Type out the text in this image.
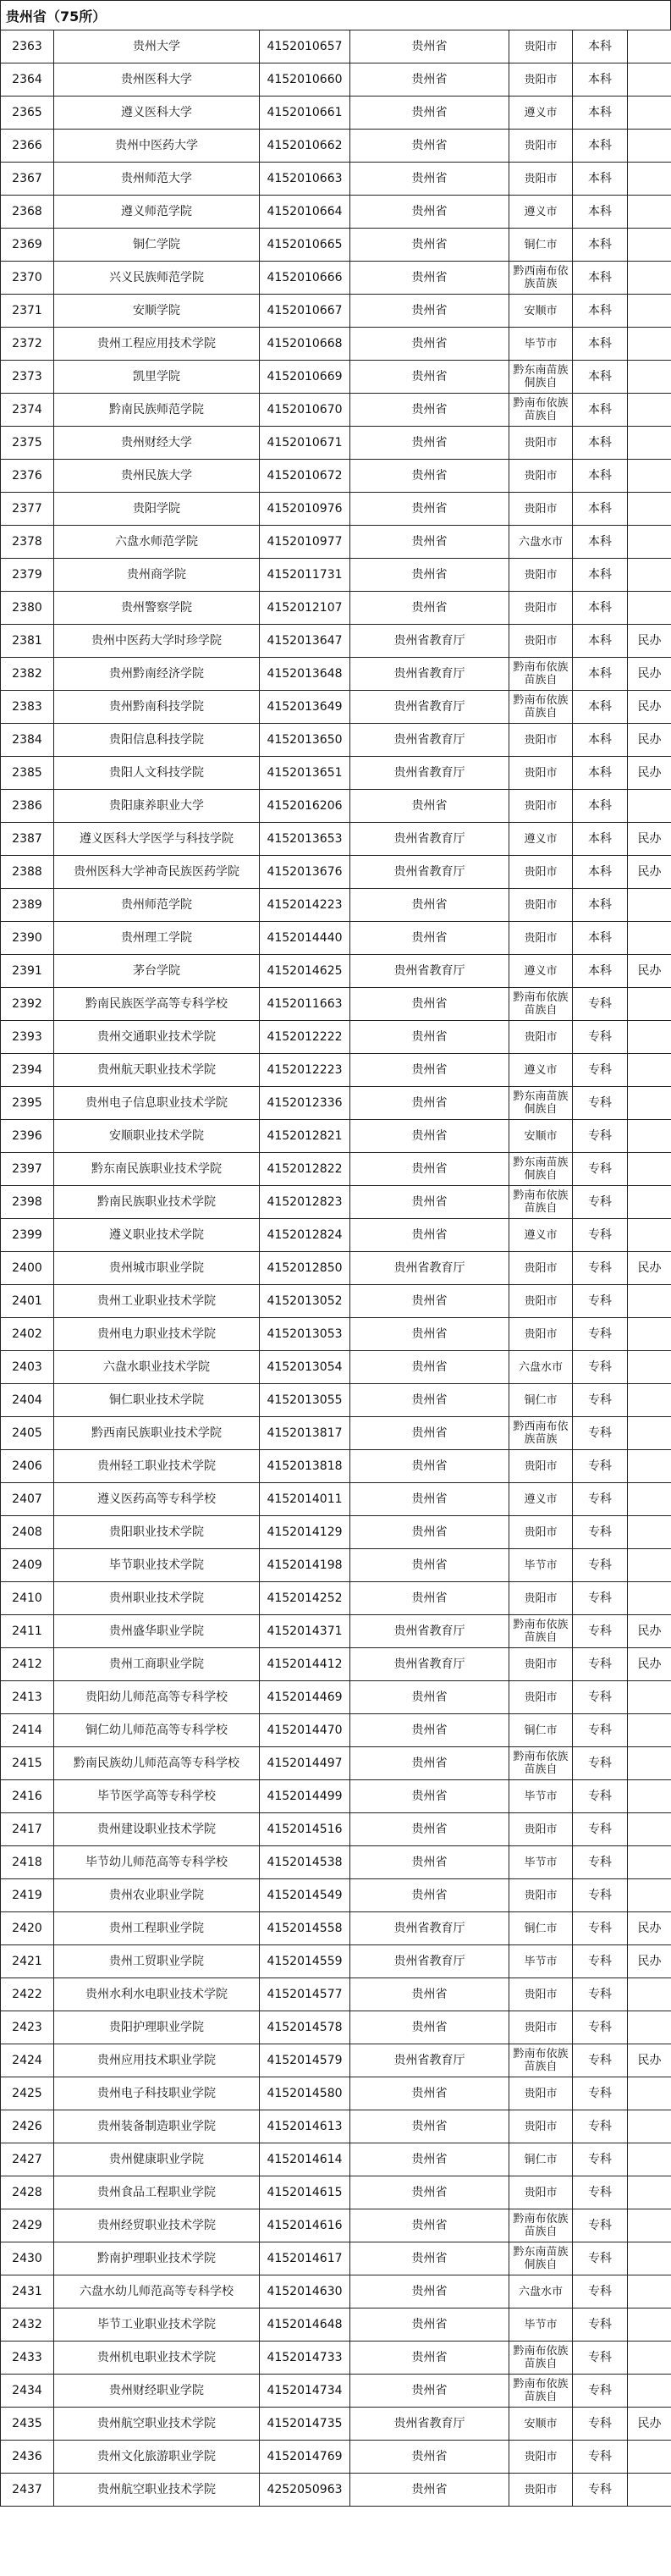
贵州省（75所）
2363	贵州大学	4152010657	贵州省	贵阳市	本科	
2364	贵州医科大学	4152010660	贵州省	贵阳市	本科	
2365	遵义医科大学	4152010661	贵州省	遵义市	本科	
2366	贵州中医药大学	4152010662	贵州省	贵阳市	本科	
2367	贵州师范大学	4152010663	贵州省	贵阳市	本科	
2368	遵义师范学院	4152010664	贵州省	遵义市	本科	
2369	铜仁学院	4152010665	贵州省	铜仁市	本科	
2370	兴义民族师范学院	4152010666	贵州省	黔西南布依族苗族	本科	
2371	安顺学院	4152010667	贵州省	安顺市	本科	
2372	贵州工程应用技术学院	4152010668	贵州省	毕节市	本科	
2373	凯里学院	4152010669	贵州省	黔东南苗族侗族自	本科	
2374	黔南民族师范学院	4152010670	贵州省	黔南布依族苗族自	本科	
2375	贵州财经大学	4152010671	贵州省	贵阳市	本科	
2376	贵州民族大学	4152010672	贵州省	贵阳市	本科	
2377	贵阳学院	4152010976	贵州省	贵阳市	本科	
2378	六盘水师范学院	4152010977	贵州省	六盘水市	本科	
2379	贵州商学院	4152011731	贵州省	贵阳市	本科	
2380	贵州警察学院	4152012107	贵州省	贵阳市	本科	
2381	贵州中医药大学时珍学院	4152013647	贵州省教育厅	贵阳市	本科	民办
2382	贵州黔南经济学院	4152013648	贵州省教育厅	黔南布依族苗族自	本科	民办
2383	贵州黔南科技学院	4152013649	贵州省教育厅	黔南布依族苗族自	本科	民办
2384	贵阳信息科技学院	4152013650	贵州省教育厅	贵阳市	本科	民办
2385	贵阳人文科技学院	4152013651	贵州省教育厅	贵阳市	本科	民办
2386	贵阳康养职业大学	4152016206	贵州省	贵阳市	本科	
2387	遵义医科大学医学与科技学院	4152013653	贵州省教育厅	遵义市	本科	民办
2388	贵州医科大学神奇民族医药学院	4152013676	贵州省教育厅	贵阳市	本科	民办
2389	贵州师范学院	4152014223	贵州省	贵阳市	本科	
2390	贵州理工学院	4152014440	贵州省	贵阳市	本科	
2391	茅台学院	4152014625	贵州省教育厅	遵义市	本科	民办
2392	黔南民族医学高等专科学校	4152011663	贵州省	黔南布依族苗族自	专科	
2393	贵州交通职业技术学院	4152012222	贵州省	贵阳市	专科	
2394	贵州航天职业技术学院	4152012223	贵州省	遵义市	专科	
2395	贵州电子信息职业技术学院	4152012336	贵州省	黔东南苗族侗族自	专科	
2396	安顺职业技术学院	4152012821	贵州省	安顺市	专科	
2397	黔东南民族职业技术学院	4152012822	贵州省	黔东南苗族侗族自	专科	
2398	黔南民族职业技术学院	4152012823	贵州省	黔南布依族苗族自	专科	
2399	遵义职业技术学院	4152012824	贵州省	遵义市	专科	
2400	贵州城市职业学院	4152012850	贵州省教育厅	贵阳市	专科	民办
2401	贵州工业职业技术学院	4152013052	贵州省	贵阳市	专科	
2402	贵州电力职业技术学院	4152013053	贵州省	贵阳市	专科	
2403	六盘水职业技术学院	4152013054	贵州省	六盘水市	专科	
2404	铜仁职业技术学院	4152013055	贵州省	铜仁市	专科	
2405	黔西南民族职业技术学院	4152013817	贵州省	黔西南布依族苗族	专科	
2406	贵州轻工职业技术学院	4152013818	贵州省	贵阳市	专科	
2407	遵义医药高等专科学校	4152014011	贵州省	遵义市	专科	
2408	贵阳职业技术学院	4152014129	贵州省	贵阳市	专科	
2409	毕节职业技术学院	4152014198	贵州省	毕节市	专科	
2410	贵州职业技术学院	4152014252	贵州省	贵阳市	专科	
2411	贵州盛华职业学院	4152014371	贵州省教育厅	黔南布依族苗族自	专科	民办
2412	贵州工商职业学院	4152014412	贵州省教育厅	贵阳市	专科	民办
2413	贵阳幼儿师范高等专科学校	4152014469	贵州省	贵阳市	专科	
2414	铜仁幼儿师范高等专科学校	4152014470	贵州省	铜仁市	专科	
2415	黔南民族幼儿师范高等专科学校	4152014497	贵州省	黔南布依族苗族自	专科	
2416	毕节医学高等专科学校	4152014499	贵州省	毕节市	专科	
2417	贵州建设职业技术学院	4152014516	贵州省	贵阳市	专科	
2418	毕节幼儿师范高等专科学校	4152014538	贵州省	毕节市	专科	
2419	贵州农业职业学院	4152014549	贵州省	贵阳市	专科	
2420	贵州工程职业学院	4152014558	贵州省教育厅	铜仁市	专科	民办
2421	贵州工贸职业学院	4152014559	贵州省教育厅	毕节市	专科	民办
2422	贵州水利水电职业技术学院	4152014577	贵州省	贵阳市	专科	
2423	贵阳护理职业学院	4152014578	贵州省	贵阳市	专科	
2424	贵州应用技术职业学院	4152014579	贵州省教育厅	黔南布依族苗族自	专科	民办
2425	贵州电子科技职业学院	4152014580	贵州省	贵阳市	专科	
2426	贵州装备制造职业学院	4152014613	贵州省	贵阳市	专科	
2427	贵州健康职业学院	4152014614	贵州省	铜仁市	专科	
2428	贵州食品工程职业学院	4152014615	贵州省	贵阳市	专科	
2429	贵州经贸职业技术学院	4152014616	贵州省	黔南布依族苗族自	专科	
2430	黔南护理职业技术学院	4152014617	贵州省	黔东南苗族侗族自	专科	
2431	六盘水幼儿师范高等专科学校	4152014630	贵州省	六盘水市	专科	
2432	毕节工业职业技术学院	4152014648	贵州省	毕节市	专科	
2433	贵州机电职业技术学院	4152014733	贵州省	黔南布依族苗族自	专科	
2434	贵州财经职业学院	4152014734	贵州省	黔南布依族苗族自	专科	
2435	贵州航空职业技术学院	4152014735	贵州省教育厅	安顺市	专科	民办
2436	贵州文化旅游职业学院	4152014769	贵州省	贵阳市	专科	
2437	贵州航空职业技术学院	4252050963	贵州省	贵阳市	专科	
